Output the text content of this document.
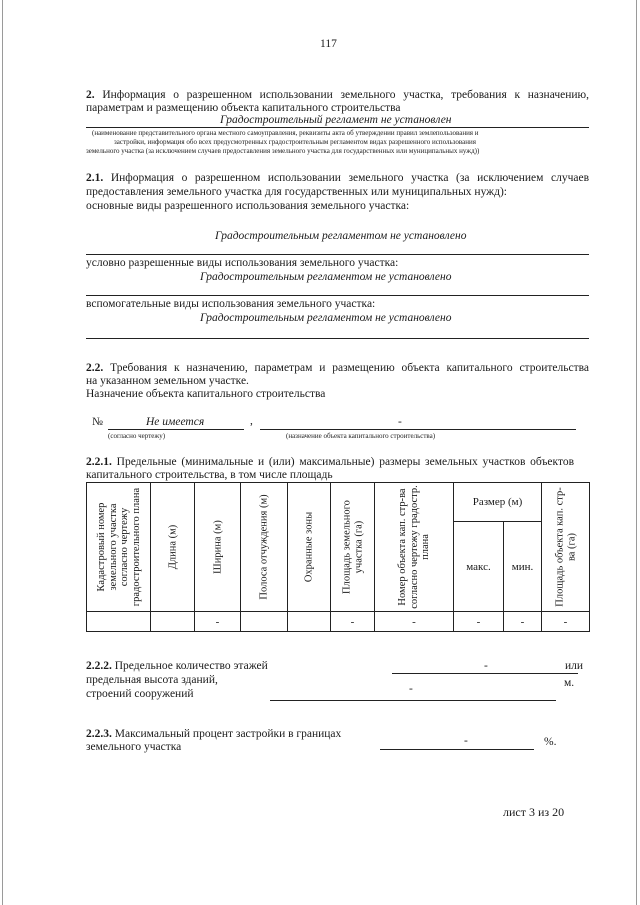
117
2. Информация о разрешенном использовании земельного участка, требования к назначению,
параметрам и размещению объекта капитального строительства
Градостроительный регламент не установлен
(наименование представительного органа местного самоуправления, реквизиты акта об утверждении правил землепользования и
застройки, информация обо всех предусмотренных градостроительным регламентом видах разрешенного использования
земельного участка (за исключением случаев предоставления земельного участка для государственных или муниципальных нужд))
2.1. Информация о разрешенном использовании земельного участка (за исключением случаев
предоставления земельного участка для государственных или муниципальных нужд):
основные виды разрешенного использования земельного участка:
Градостроительным регламентом не установлено
условно разрешенные виды использования земельного участка:
Градостроительным регламентом не установлено
вспомогательные виды использования земельного участка:
Градостроительным регламентом не установлено
2.2. Требования к назначению, параметрам и размещению объекта капитального строительства
на указанном земельном участке.
Назначение объекта капитального строительства
№	Не имеется	,	-
(согласно чертежу)	(назначение объекта капитального строительства)
2.2.1. Предельные (минимальные и (или) максимальные) размеры земельных участков объектов
капитального строительства, в том числе площадь
Кадастровый номер земельного участка согласно чертежу градостроительного плана	Длина (м)	Ширина (м)	Полоса отчуждения (м)	Охранные зоны	Площадь земельного участка (га)	Номер объекта кап. стр-ва согласно чертежу градостр. плана	Размер (м)		Площадь объекта кап. стр-ва (га)

							макс.	мин.	
		-			-	-	-	-	-
2.2.2. Предельное количество этажей
предельная высота зданий,
строений сооружений
-	или
-	м.
2.2.3. Максимальный процент застройки в границах
земельного участка	-	%.
лист 3 из 20
